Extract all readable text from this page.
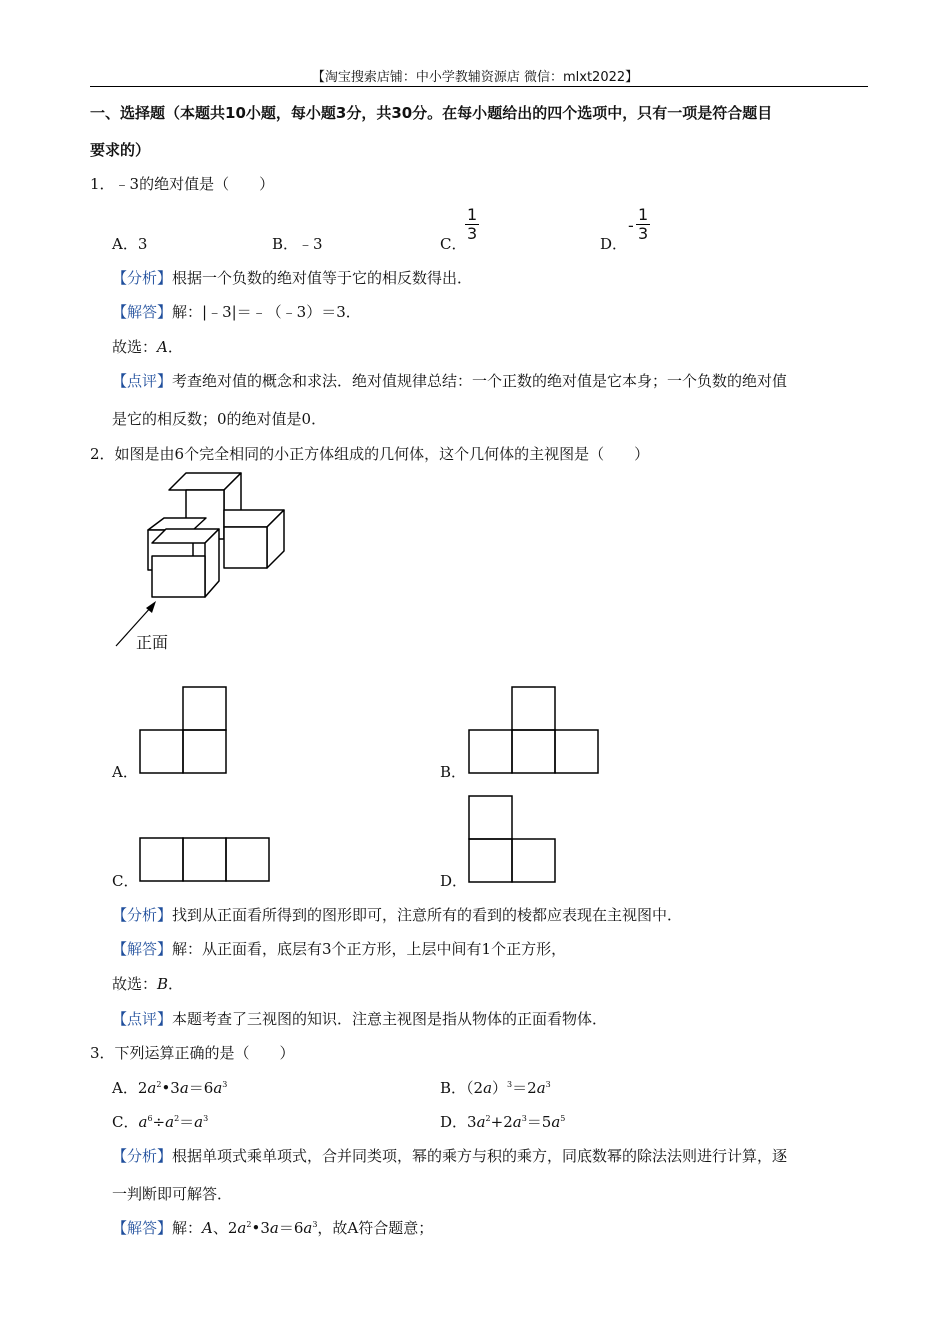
【淘宝搜索店铺：中小学教辅资源店 微信：mlxt2022】
一、选择题（本题共10小题，每小题3分，共30分。在每小题给出的四个选项中，只有一项是符合题目
要求的）
1．﹣3的绝对值是（　　）
A．3	B．﹣3	C．
$\frac{1}{3}$
D．
- $\frac{1}{3}$
【分析】根据一个负数的绝对值等于它的相反数得出．
【解答】解：|﹣3|＝﹣（﹣3）＝3．
故选：A．
【点评】考查绝对值的概念和求法．绝对值规律总结：一个正数的绝对值是它本身；一个负数的绝对值
是它的相反数；0的绝对值是0．
2．如图是由6个完全相同的小正方体组成的几何体，这个几何体的主视图是（　　）
正面
A．	B．
C．	D．
【分析】找到从正面看所得到的图形即可，注意所有的看到的棱都应表现在主视图中．
【解答】解：从正面看，底层有3个正方形，上层中间有1个正方形，
故选：B．
【点评】本题考查了三视图的知识．注意主视图是指从物体的正面看物体．
3．下列运算正确的是（　　）
A．$2a^2•3a=6a^3$	B．$(2a)^3=2a^3$
C．$a^6\div a^2=a^3$	D．$3a^2+2a^3=5a^5$
【分析】根据单项式乘单项式，合并同类项，幂的乘方与积的乘方，同底数幂的除法法则进行计算，逐
一判断即可解答．
【解答】解：A、$2a^2•3a=6a^3$，故A符合题意；
